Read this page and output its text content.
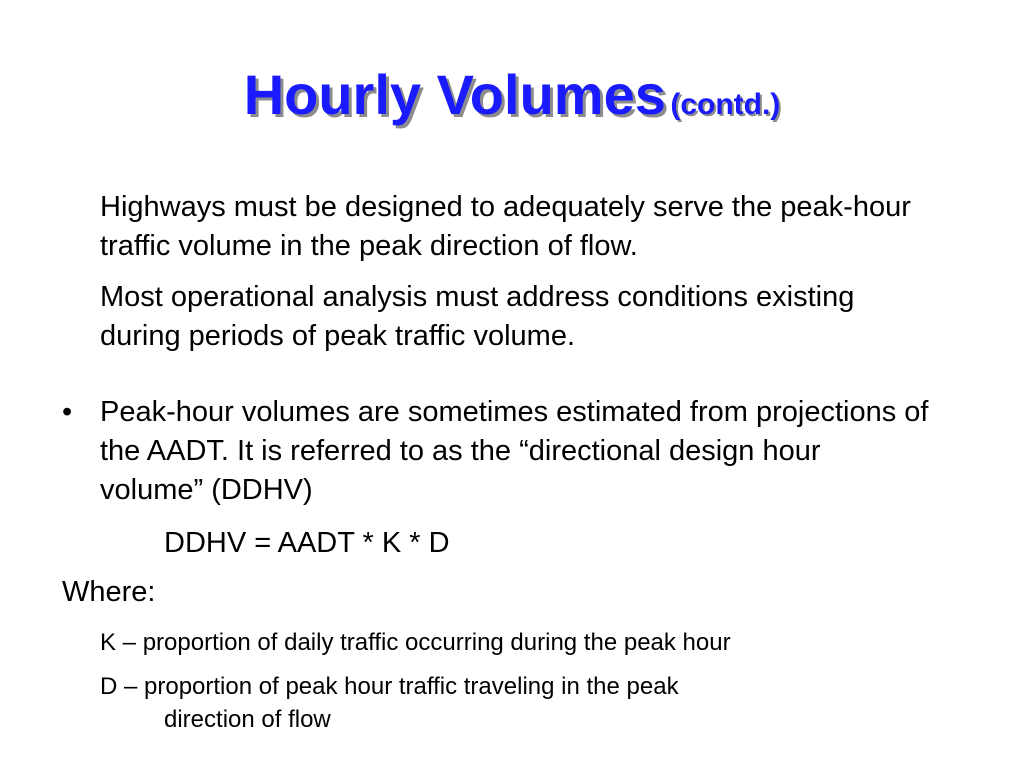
Hourly Volumes (contd.)

Highways must be designed to adequately serve the peak-hour traffic volume in the peak direction of flow.

Most operational analysis must address conditions existing during periods of peak traffic volume.

• Peak-hour volumes are sometimes estimated from projections of the AADT. It is referred to as the “directional design hour volume” (DDHV)

DDHV = AADT * K * D
Where:

K – proportion of daily traffic occurring during the peak hour

D – proportion of peak hour traffic traveling in the peak
direction of flow
